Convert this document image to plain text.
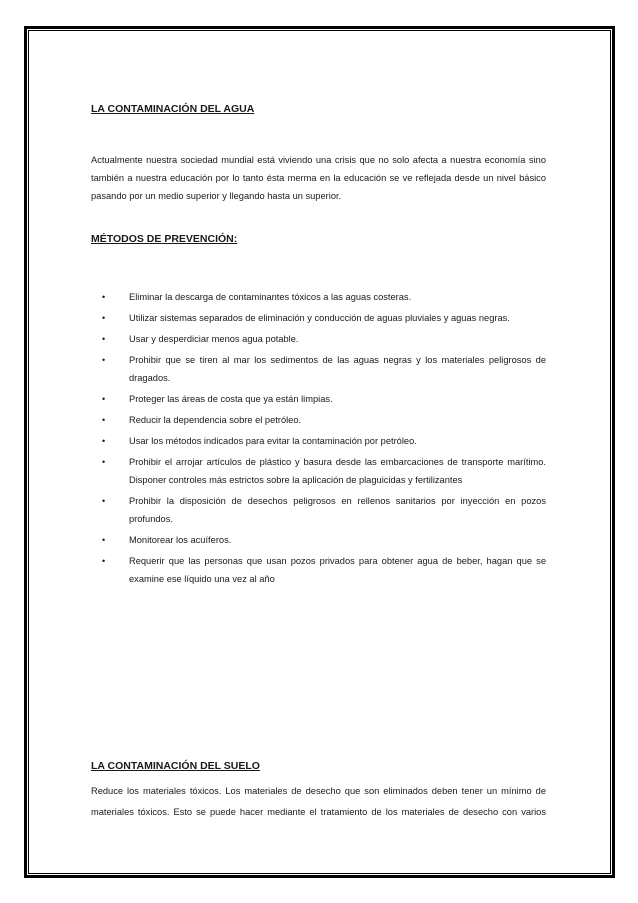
LA CONTAMINACIÓN DEL AGUA
Actualmente nuestra sociedad mundial está viviendo una crisis que no solo afecta a nuestra economía sino también a nuestra educación por lo tanto ésta merma en la educación se ve reflejada desde un nivel básico pasando por un medio superior y llegando hasta un superior.
MÉTODOS DE PREVENCIÓN:
•	Eliminar la descarga de contaminantes tóxicos a las aguas costeras.
•	Utilizar sistemas separados de eliminación y conducción de aguas pluviales y aguas negras.
•	Usar y desperdiciar menos agua potable.
•	Prohibir que se tiren al mar los sedimentos de las aguas negras y los materiales peligrosos de dragados.
•	Proteger las áreas de costa que ya están limpias.
•	Reducir la dependencia sobre el petróleo.
•	Usar los métodos indicados para evitar la contaminación por petróleo.
•	Prohibir el arrojar artículos de plástico y basura desde las embarcaciones de transporte marítimo. Disponer controles más estrictos sobre la aplicación de plaguicidas y fertilizantes
•	Prohibir la disposición de desechos peligrosos en rellenos sanitarios por inyección en pozos profundos.
•	Monitorear los acuíferos.
•	Requerir que las personas que usan pozos privados para obtener agua de beber, hagan que se examine ese líquido una vez al año
LA CONTAMINACIÓN DEL SUELO
Reduce los materiales tóxicos. Los materiales de desecho que son eliminados deben tener un mínimo de materiales tóxicos. Esto se puede hacer mediante el tratamiento de los materiales de desecho con varios
